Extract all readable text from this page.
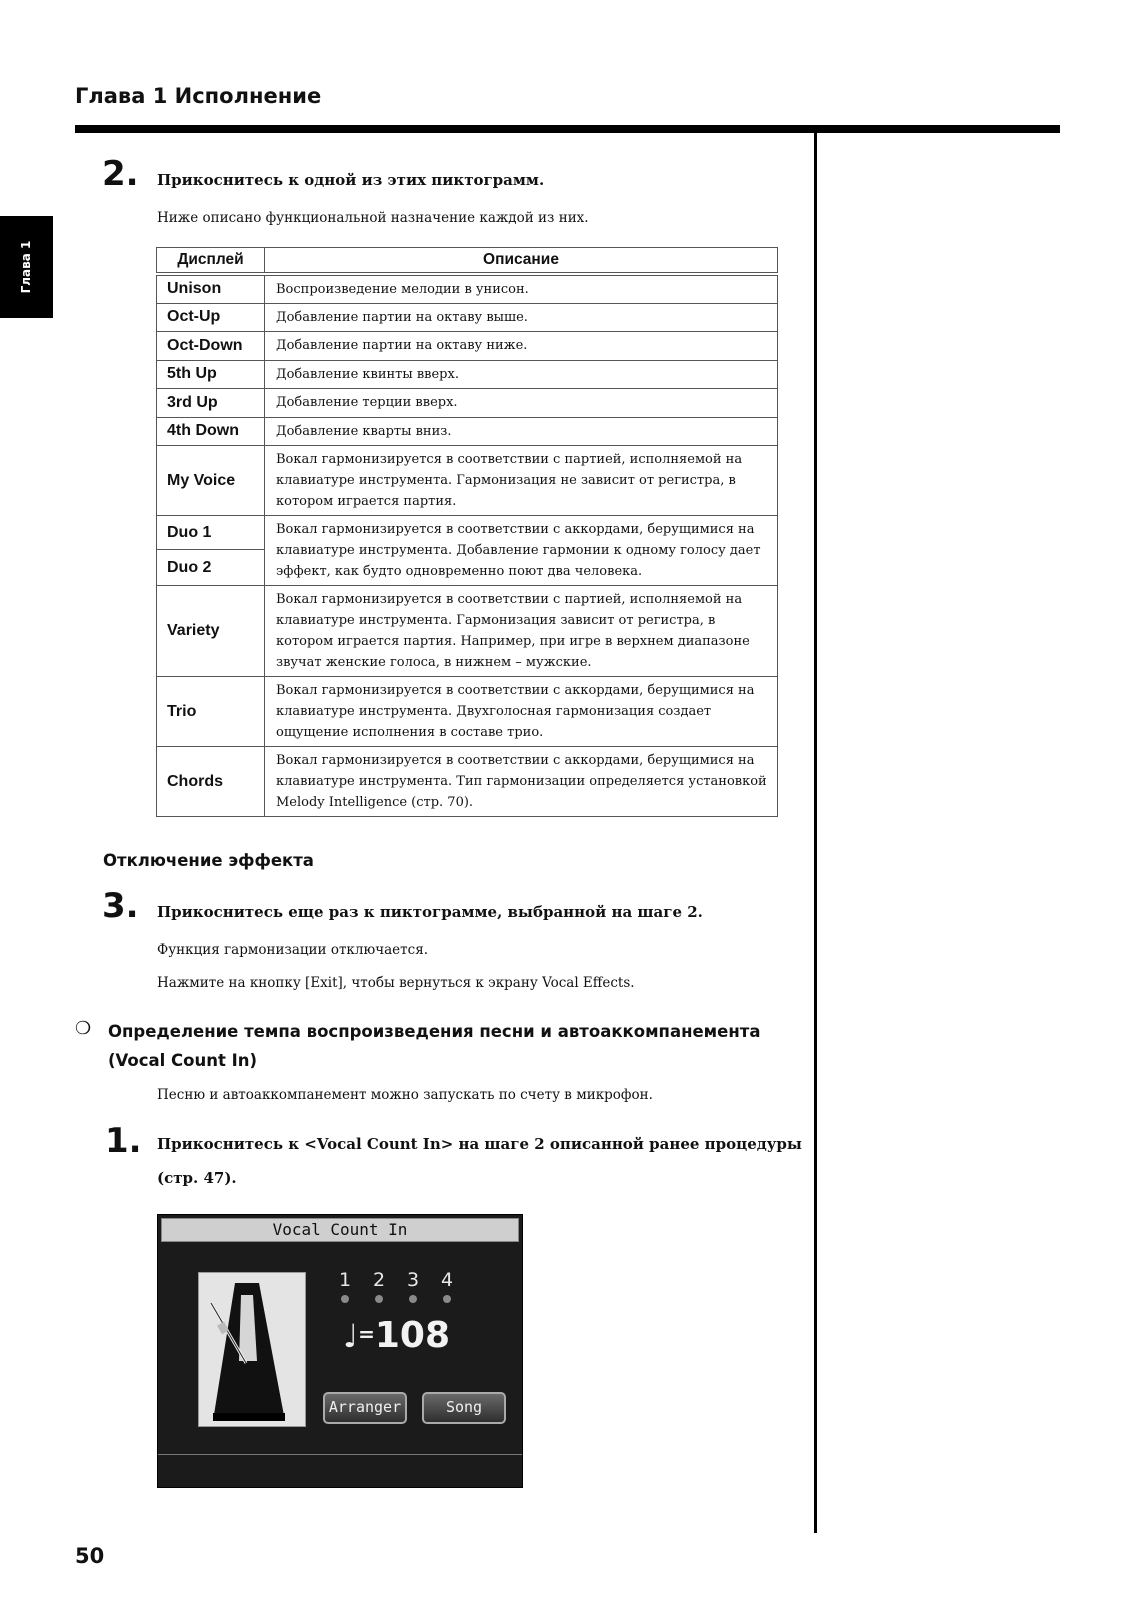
Глава 1 Исполнение
Глава 1
2. Прикоснитесь к одной из этих пиктограмм.
Ниже описано функциональной назначение каждой из них.
Дисплей	Описание
Unison	Воспроизведение мелодии в унисон.
Oct-Up	Добавление партии на октаву выше.
Oct-Down	Добавление партии на октаву ниже.
5th Up	Добавление квинты вверх.
3rd Up	Добавление терции вверх.
4th Down	Добавление кварты вниз.
My Voice	Вокал гармонизируется в соответствии с партией, исполняемой на клавиатуре инструмента. Гармонизация не зависит от регистра, в котором играется партия.

Duo 1
Duo 2	Вокал гармонизируется в соответствии с аккордами, берущимися на клавиатуре инструмента. Добавление гармонии к одному голосу дает эффект, как будто одновременно поют два человека.
Variety	Вокал гармонизируется в соответствии с партией, исполняемой на клавиатуре инструмента. Гармонизация зависит от регистра, в котором играется партия. Например, при игре в верхнем диапазоне звучат женские голоса, в нижнем – мужские.
Trio	Вокал гармонизируется в соответствии с аккордами, берущимися на клавиатуре инструмента. Двухголосная гармонизация создает ощущение исполнения в составе трио.
Chords	Вокал гармонизируется в соответствии с аккордами, берущимися на клавиатуре инструмента. Тип гармонизации определяется установкой Melody Intelligence (стр. 70).
Отключение эффекта
3. Прикоснитесь еще раз к пиктограмме, выбранной на шаге 2.
Функция гармонизации отключается.
Нажмите на кнопку [Exit], чтобы вернуться к экрану Vocal Effects.
❍ Определение темпа воспроизведения песни и автоаккомпанемента
(Vocal Count In)
Песню и автоаккомпанемент можно запускать по счету в микрофон.
1. Прикоснитесь к <Vocal Count In> на шаге 2 описанной ранее процедуры
(стр. 47).
Vocal Count In
1 2 3 4
♩=108
Arranger	Song
50
